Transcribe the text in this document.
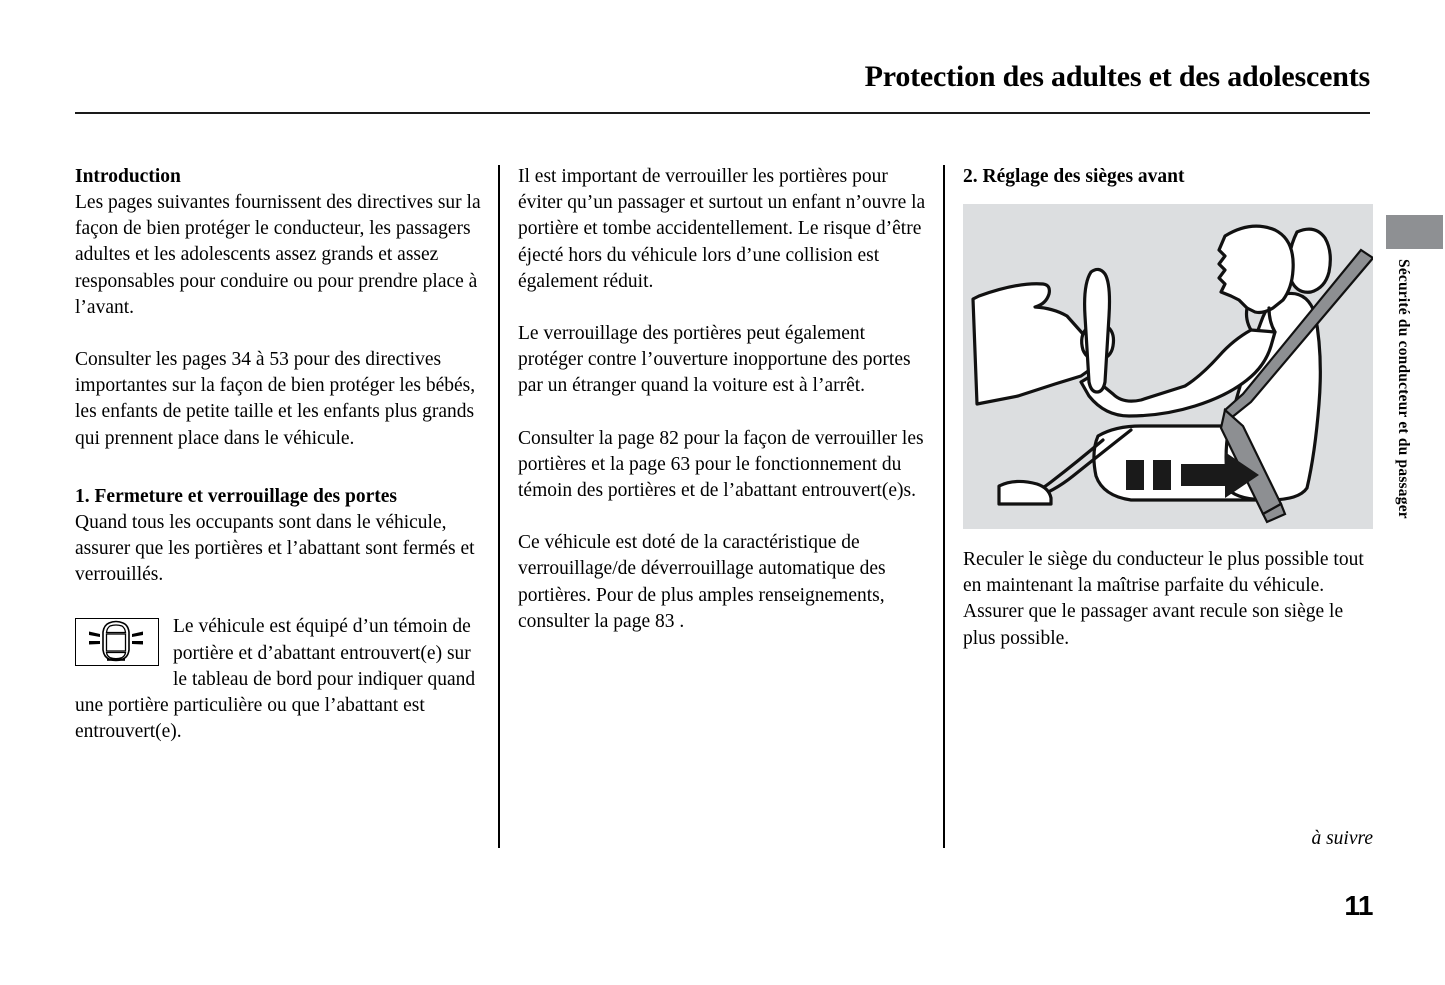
Protection des adultes et des adolescents
Introduction

Les pages suivantes fournissent des directives sur la façon de bien protéger le conducteur, les passagers adultes et les adolescents assez grands et assez responsables pour conduire ou pour prendre place à l’avant.

Consulter les pages 34 à 53 pour des directives importantes sur la façon de bien protéger les bébés, les enfants de petite taille et les enfants plus grands qui prennent place dans le véhicule.

1. Fermeture et verrouillage des portes

Quand tous les occupants sont dans le véhicule, assurer que les portières et l’abattant sont fermés et verrouillés.

Le véhicule est équipé d’un témoin de portière et d’abattant entrouvert(e) sur le tableau de bord pour indiquer quand une portière particulière ou que l’abattant est entrouvert(e).

Il est important de verrouiller les portières pour éviter qu’un passager et surtout un enfant n’ouvre la portière et tombe accidentellement. Le risque d’être éjecté hors du véhicule lors d’une collision est également réduit.

Le verrouillage des portières peut également protéger contre l’ouverture inopportune des portes par un étranger quand la voiture est à l’arrêt.

Consulter la page 82 pour la façon de verrouiller les portières et la page 63 pour le fonctionnement du témoin des portières et de l’abattant entrouvert(e)s.

Ce véhicule est doté de la caractéristique de verrouillage/de déverrouillage automatique des portières. Pour de plus amples renseignements, consulter la page 83 .

2. Réglage des sièges avant

Reculer le siège du conducteur le plus possible tout en maintenant la maîtrise parfaite du véhicule. Assurer que le passager avant recule son siège le plus possible.

Sécurité du conducteur et du passager
à suivre
11
